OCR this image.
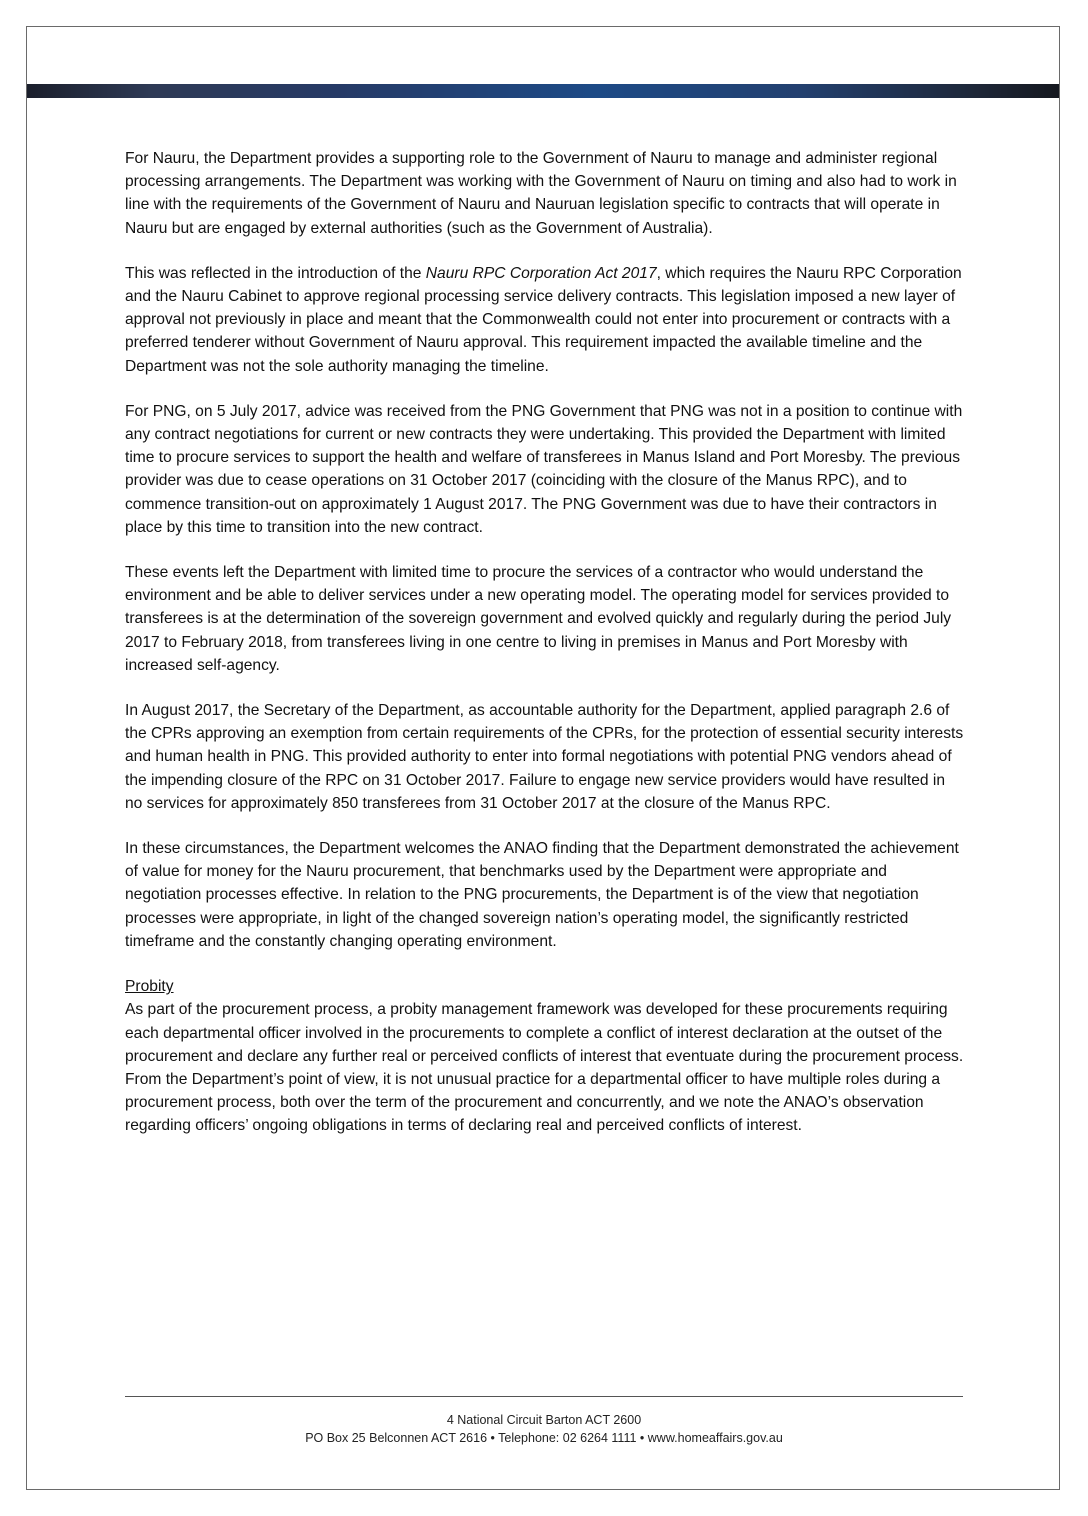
For Nauru, the Department provides a supporting role to the Government of Nauru to manage and administer regional processing arrangements. The Department was working with the Government of Nauru on timing and also had to work in line with the requirements of the Government of Nauru and Nauruan legislation specific to contracts that will operate in Nauru but are engaged by external authorities (such as the Government of Australia).

This was reflected in the introduction of the Nauru RPC Corporation Act 2017, which requires the Nauru RPC Corporation and the Nauru Cabinet to approve regional processing service delivery contracts. This legislation imposed a new layer of approval not previously in place and meant that the Commonwealth could not enter into procurement or contracts with a preferred tenderer without Government of Nauru approval. This requirement impacted the available timeline and the Department was not the sole authority managing the timeline.

For PNG, on 5 July 2017, advice was received from the PNG Government that PNG was not in a position to continue with any contract negotiations for current or new contracts they were undertaking. This provided the Department with limited time to procure services to support the health and welfare of transferees in Manus Island and Port Moresby. The previous provider was due to cease operations on 31 October 2017 (coinciding with the closure of the Manus RPC), and to commence transition-out on approximately 1 August 2017. The PNG Government was due to have their contractors in place by this time to transition into the new contract.

These events left the Department with limited time to procure the services of a contractor who would understand the environment and be able to deliver services under a new operating model. The operating model for services provided to transferees is at the determination of the sovereign government and evolved quickly and regularly during the period July 2017 to February 2018, from transferees living in one centre to living in premises in Manus and Port Moresby with increased self-agency.

In August 2017, the Secretary of the Department, as accountable authority for the Department, applied paragraph 2.6 of the CPRs approving an exemption from certain requirements of the CPRs, for the protection of essential security interests and human health in PNG. This provided authority to enter into formal negotiations with potential PNG vendors ahead of the impending closure of the RPC on 31 October 2017. Failure to engage new service providers would have resulted in no services for approximately 850 transferees from 31 October 2017 at the closure of the Manus RPC.

In these circumstances, the Department welcomes the ANAO finding that the Department demonstrated the achievement of value for money for the Nauru procurement, that benchmarks used by the Department were appropriate and negotiation processes effective. In relation to the PNG procurements, the Department is of the view that negotiation processes were appropriate, in light of the changed sovereign nation’s operating model, the significantly restricted timeframe and the constantly changing operating environment.

Probity
As part of the procurement process, a probity management framework was developed for these procurements requiring each departmental officer involved in the procurements to complete a conflict of interest declaration at the outset of the procurement and declare any further real or perceived conflicts of interest that eventuate during the procurement process. From the Department’s point of view, it is not unusual practice for a departmental officer to have multiple roles during a procurement process, both over the term of the procurement and concurrently, and we note the ANAO’s observation regarding officers’ ongoing obligations in terms of declaring real and perceived conflicts of interest.

4 National Circuit Barton ACT 2600
PO Box 25 Belconnen ACT 2616 • Telephone: 02 6264 1111 • www.homeaffairs.gov.au
